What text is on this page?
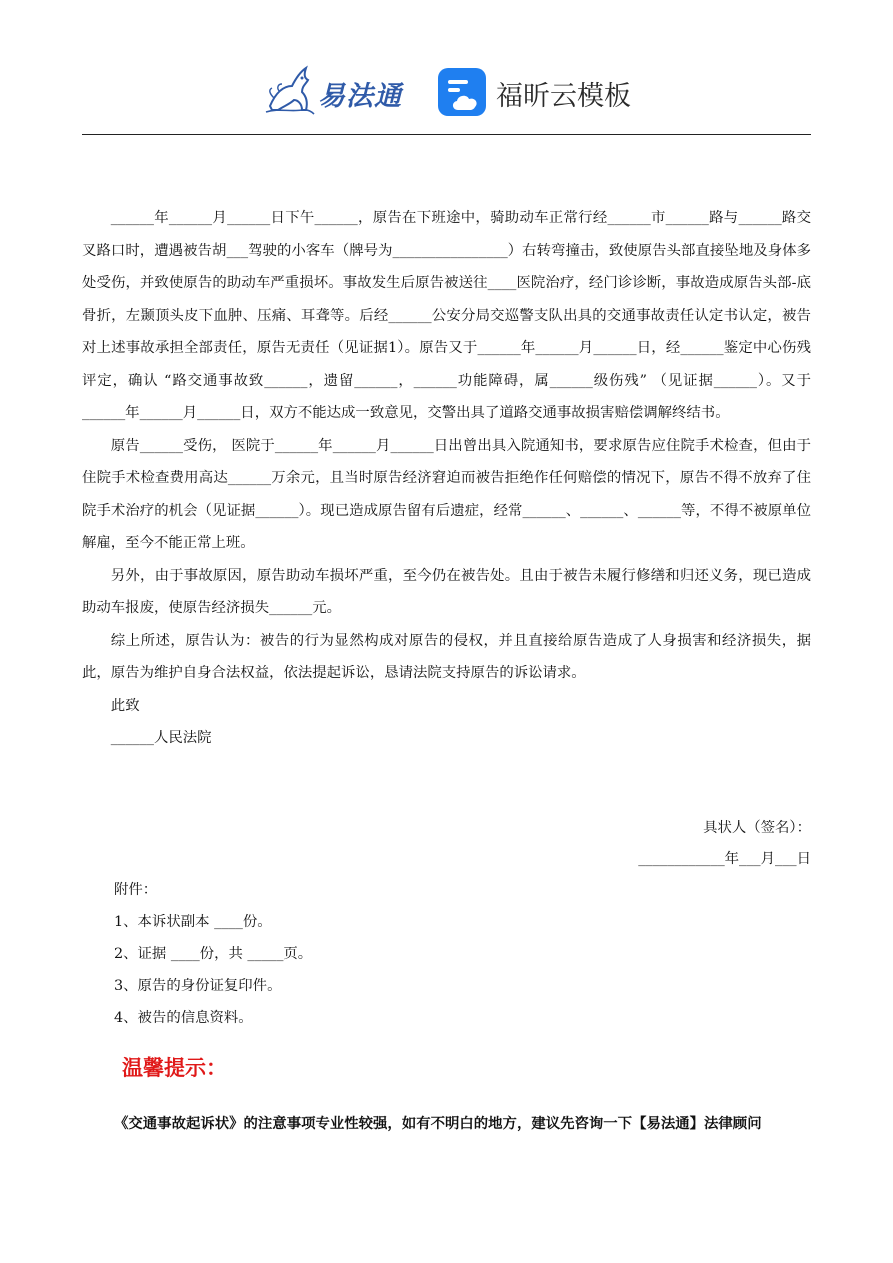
易法通	福昕云模板

______年______月______日下午______，原告在下班途中，骑助动车正常行经______市______路与______路交叉路口时，遭遇被告胡___驾驶的小客车（牌号为________________）右转弯撞击，致使原告头部直接坠地及身体多处受伤，并致使原告的助动车严重损坏。事故发生后原告被送往____医院治疗，经门诊诊断，事故造成原告头部-底骨折，左颞顶头皮下血肿、压痛、耳聋等。后经______公安分局交巡警支队出具的交通事故责任认定书认定，被告对上述事故承担全部责任，原告无责任（见证据1）。原告又于______年______月______日，经______鉴定中心伤残评定，确认 “路交通事故致______，遗留______，______功能障碍，属______级伤残” （见证据______）。又于______年______月______日，双方不能达成一致意见，交警出具了道路交通事故损害赔偿调解终结书。

原告______受伤， 医院于______年______月______日出曾出具入院通知书，要求原告应住院手术检查，但由于住院手术检查费用高达______万余元，且当时原告经济窘迫而被告拒绝作任何赔偿的情况下，原告不得不放弃了住院手术治疗的机会（见证据______）。现已造成原告留有后遗症，经常______、______、______等，不得不被原单位解雇，至今不能正常上班。

另外，由于事故原因，原告助动车损坏严重，至今仍在被告处。且由于被告未履行修缮和归还义务，现已造成助动车报废，使原告经济损失______元。

综上所述，原告认为：被告的行为显然构成对原告的侵权，并且直接给原告造成了人身损害和经济损失，据此，原告为维护自身合法权益，依法提起诉讼，恳请法院支持原告的诉讼请求。

此致

______人民法院

具状人（签名）：
____________年___月___日
附件：
1、本诉状副本 ____份。
2、证据 ____份，共 _____页。
3、原告的身份证复印件。
4、被告的信息资料。
温馨提示：
《交通事故起诉状》的注意事项专业性较强，如有不明白的地方，建议先咨询一下【易法通】法律顾问
